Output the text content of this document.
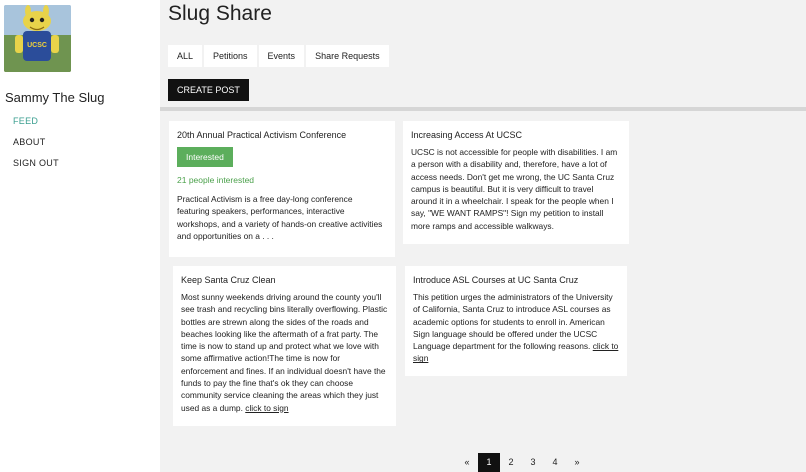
UCSC
Sammy The Slug
FEED
ABOUT
SIGN OUT
Slug Share
ALL	Petitions	Events	Share Requests
CREATE POST
20th Annual Practical Activism Conference
Interested
21 people interested
Practical Activism is a free day-long conference featuring speakers, performances, interactive workshops, and a variety of hands-on creative activities and opportunities on a . . .
Increasing Access At UCSC
UCSC is not accessible for people with disabilities. I am a person with a disability and, therefore, have a lot of access needs. Don't get me wrong, the UC Santa Cruz campus is beautiful. But it is very difficult to travel around it in a wheelchair. I speak for the people when I say, "WE WANT RAMPS"! Sign my petition to install more ramps and accessible walkways.
Keep Santa Cruz Clean
Most sunny weekends driving around the county you'll see trash and recycling bins literally overflowing. Plastic bottles are strewn along the sides of the roads and beaches looking like the aftermath of a frat party. The time is now to stand up and protect what we love with some affirmative action!The time is now for enforcement and fines. If an individual doesn't have the funds to pay the fine that's ok they can choose community service cleaning the areas which they just used as a dump. click to sign
Introduce ASL Courses at UC Santa Cruz
This petition urges the administrators of the University of California, Santa Cruz to introduce ASL courses as academic options for students to enroll in. American Sign language should be offered under the UCSC Language department for the following reasons. click to sign
«	1	2	3	4	»
